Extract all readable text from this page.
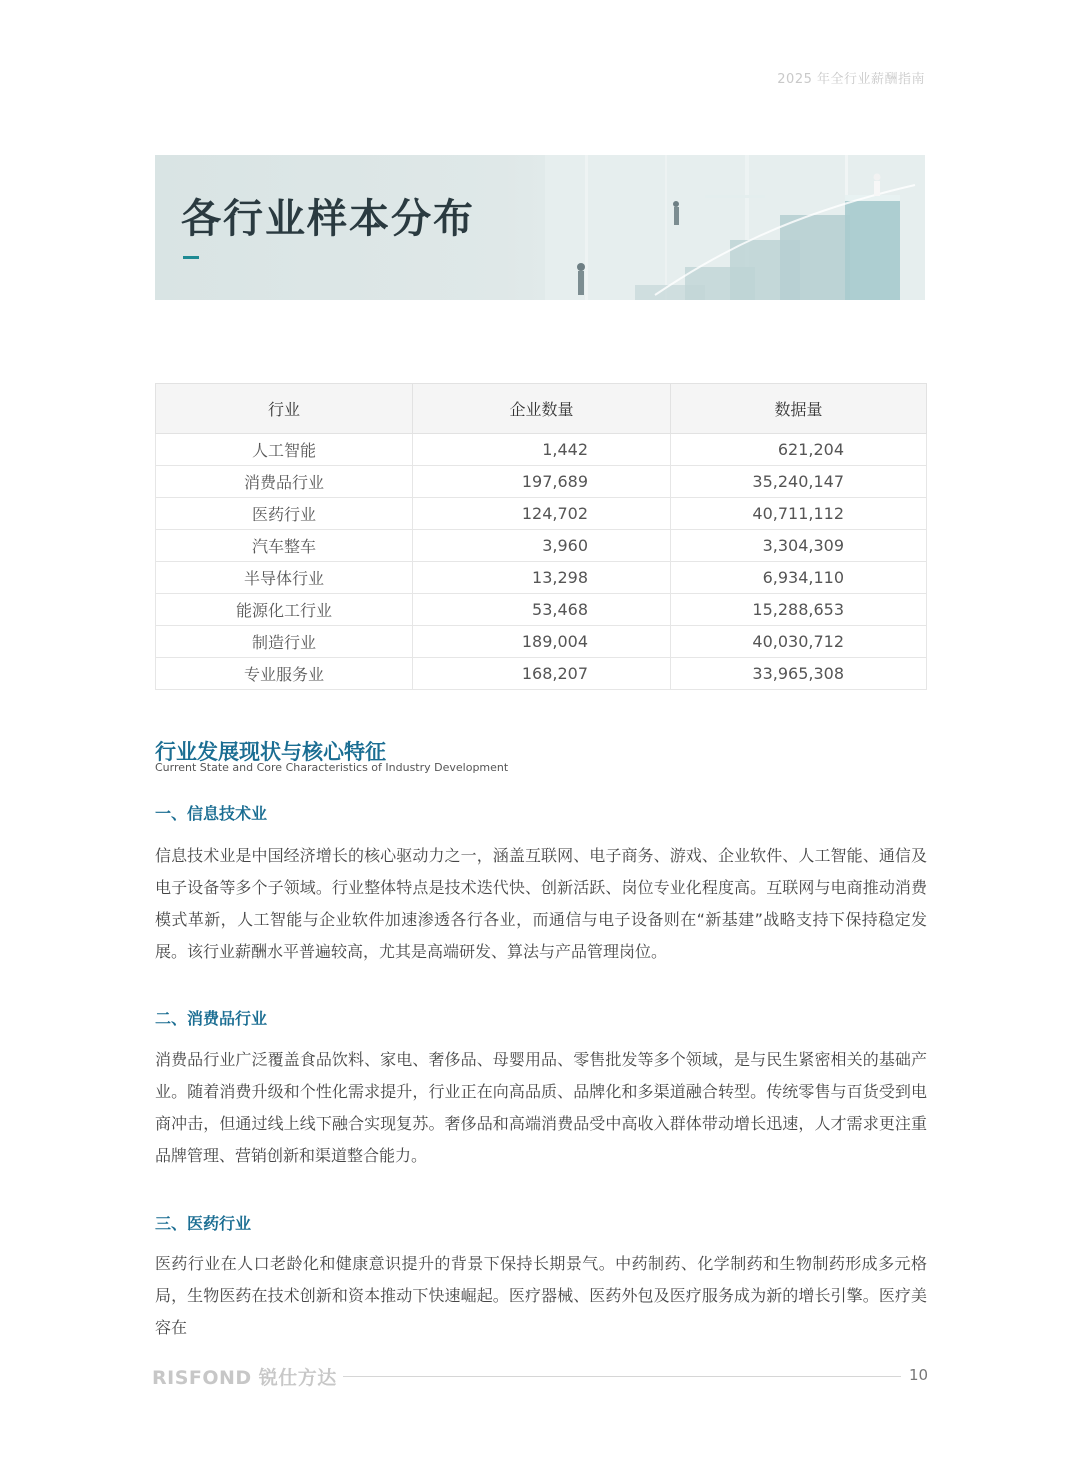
2025 年全行业薪酬指南
各行业样本分布
行业	企业数量	数据量
人工智能	1,442	621,204
消费品行业	197,689	35,240,147
医药行业	124,702	40,711,112
汽车整车	3,960	3,304,309
半导体行业	13,298	6,934,110
能源化工行业	53,468	15,288,653
制造行业	189,004	40,030,712
专业服务业	168,207	33,965,308
行业发展现状与核心特征
Current State and Core Characteristics of Industry Development
一、信息技术业
信息技术业是中国经济增长的核心驱动力之一，涵盖互联网、电子商务、游戏、企业软件、人工智能、通信及电子设备等多个子领域。行业整体特点是技术迭代快、创新活跃、岗位专业化程度高。互联网与电商推动消费模式革新，人工智能与企业软件加速渗透各行各业，而通信与电子设备则在“新基建”战略支持下保持稳定发展。该行业薪酬水平普遍较高，尤其是高端研发、算法与产品管理岗位。
二、消费品行业
消费品行业广泛覆盖食品饮料、家电、奢侈品、母婴用品、零售批发等多个领域，是与民生紧密相关的基础产业。随着消费升级和个性化需求提升，行业正在向高品质、品牌化和多渠道融合转型。传统零售与百货受到电商冲击，但通过线上线下融合实现复苏。奢侈品和高端消费品受中高收入群体带动增长迅速，人才需求更注重品牌管理、营销创新和渠道整合能力。
三、医药行业
医药行业在人口老龄化和健康意识提升的背景下保持长期景气。中药制药、化学制药和生物制药形成多元格局，生物医药在技术创新和资本推动下快速崛起。医疗器械、医药外包及医疗服务成为新的增长引擎。医疗美容在
RISFOND 锐仕方达	10
